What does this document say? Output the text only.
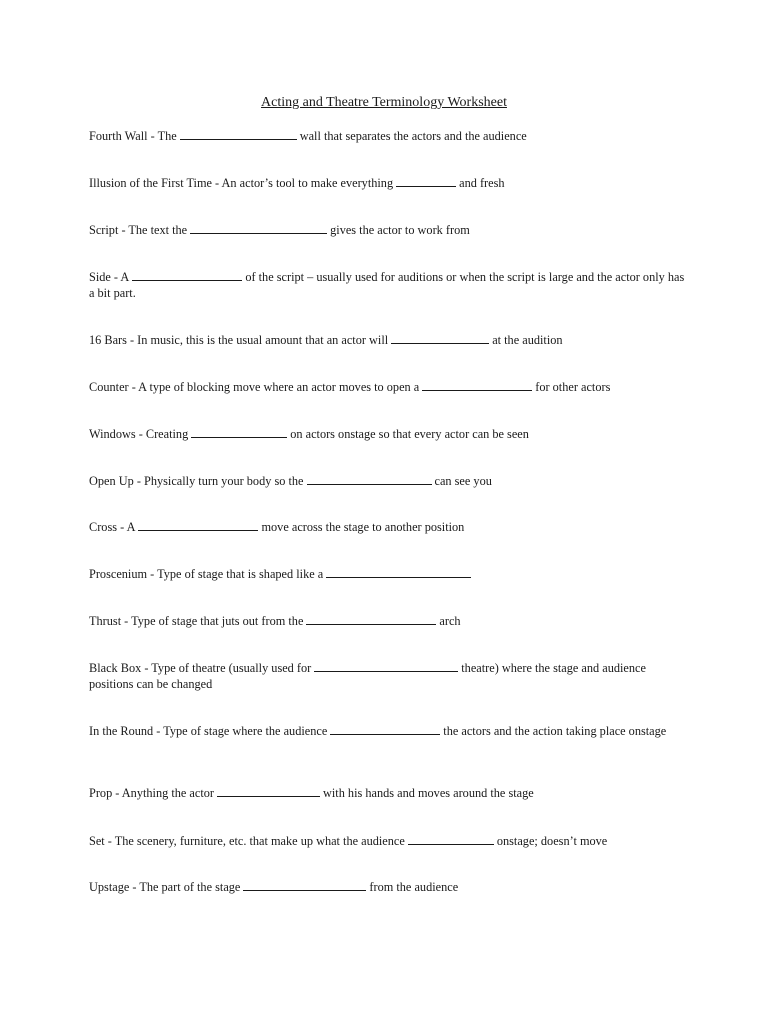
Acting and Theatre Terminology Worksheet
Fourth Wall - The	wall that separates the actors and the audience
Illusion of the First Time - An actor’s tool to make everything	and fresh
Script - The text the	gives the actor to work from
Side - A	of the script – usually used for auditions or when the script is large and the actor only has a bit part.
16 Bars - In music, this is the usual amount that an actor will	at the audition
Counter - A type of blocking move where an actor moves to open a	for other actors
Windows - Creating	on actors onstage so that every actor can be seen
Open Up - Physically turn your body so the	can see you
Cross - A	move across the stage to another position
Proscenium - Type of stage that is shaped like a
Thrust - Type of stage that juts out from the	arch
Black Box - Type of theatre (usually used for	theatre) where the stage and audience positions can be changed
In the Round - Type of stage where the audience	the actors and the action taking place onstage
Prop - Anything the actor	with his hands and moves around the stage
Set - The scenery, furniture, etc. that make up what the audience	onstage; doesn’t move
Upstage - The part of the stage	from the audience
